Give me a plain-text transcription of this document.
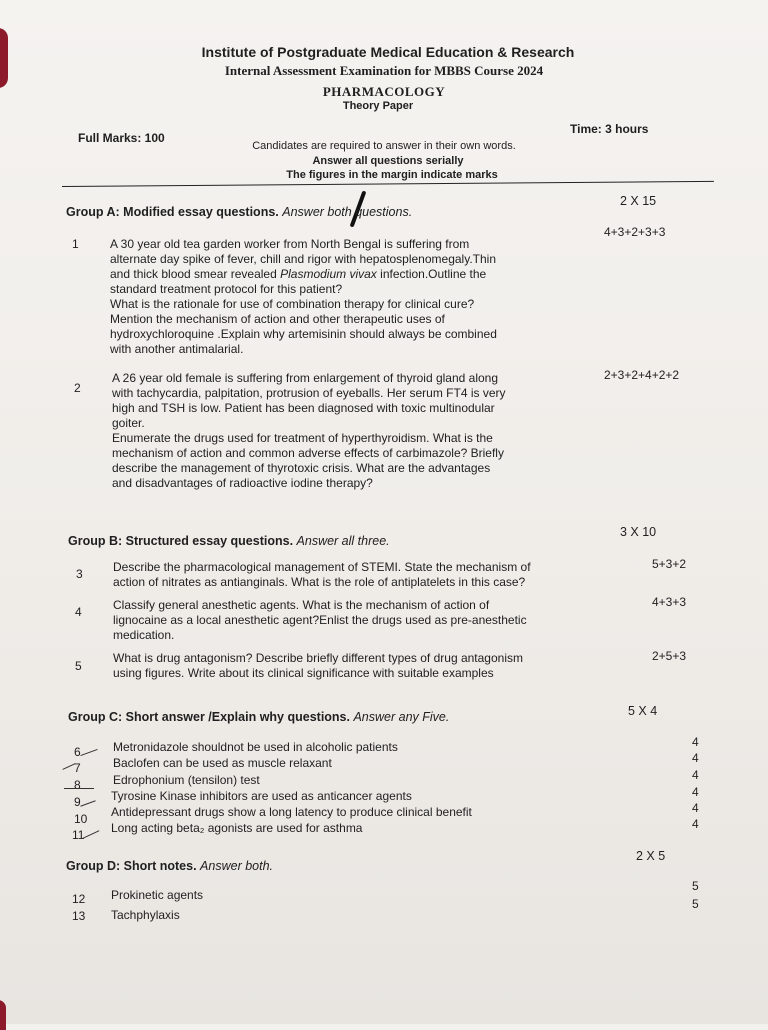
Institute of Postgraduate Medical Education & Research
Internal Assessment Examination for MBBS Course 2024
PHARMACOLOGY
Theory Paper
Full Marks: 100
Time: 3 hours
Candidates are required to answer in their own words.
Answer all questions serially
The figures in the margin indicate marks
Group A: Modified essay questions. Answer both questions.
2 X 15
1
4+3+2+3+3
A 30 year old tea garden worker from North Bengal is suffering from
alternate day spike of fever, chill and rigor with hepatosplenomegaly.Thin
and thick blood smear revealed Plasmodium vivax infection.Outline the
standard treatment protocol for this patient?
What is the rationale for use of combination therapy for clinical cure?
Mention the mechanism of action and other therapeutic uses of
hydroxychloroquine .Explain why artemisinin should always be combined
with another antimalarial.
2
2+3+2+4+2+2
A 26 year old female is suffering from enlargement of thyroid gland along
with tachycardia, palpitation, protrusion of eyeballs. Her serum FT4 is very
high and TSH is low. Patient has been diagnosed with toxic multinodular
goiter.
Enumerate the drugs used for treatment of hyperthyroidism. What is the
mechanism of action and common adverse effects of carbimazole? Briefly
describe the management of thyrotoxic crisis. What are the advantages
and disadvantages of radioactive iodine therapy?
Group B: Structured essay questions. Answer all three.
3 X 10
3
5+3+2
Describe the pharmacological management of STEMI. State the mechanism of
action of nitrates as antianginals. What is the role of antiplatelets in this case?
4
4+3+3
Classify general anesthetic agents. What is the mechanism of action of
lignocaine as a local anesthetic agent?Enlist the drugs used as pre-anesthetic
medication.
5
2+5+3
What is drug antagonism? Describe briefly different types of drug antagonism
using figures. Write about its clinical significance with suitable examples
Group C: Short answer /Explain why questions. Answer any Five.	5 X 4
6	Metronidazole shouldnot be used in alcoholic patients	4
7	Baclofen can be used as muscle relaxant	4
8	Edrophonium (tensilon) test	4
9	Tyrosine Kinase inhibitors are used as anticancer agents	4
10 Antidepressant drugs show a long latency to produce clinical benefit	4
11 Long acting beta₂ agonists are used for asthma	4
Group D: Short notes. Answer both.
2 X 5
12 Prokinetic agents
5
13 Tachphylaxis
5
